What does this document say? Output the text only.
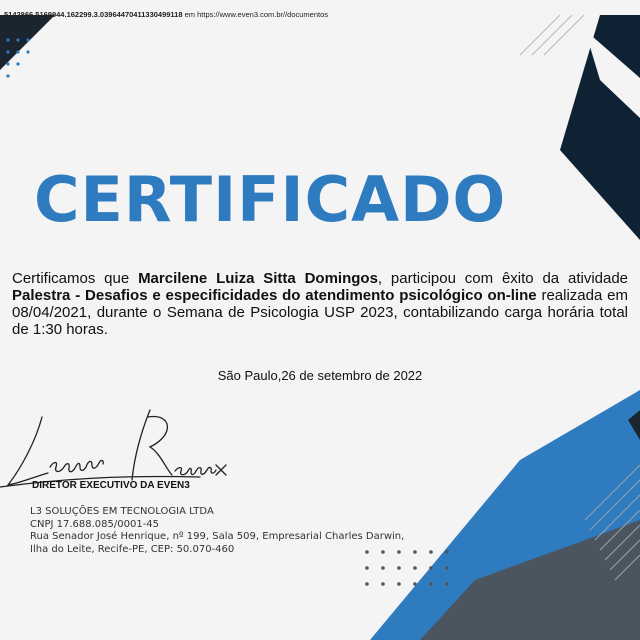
5142866.5169944.162299.3.03964470411330499118 em https://www.even3.com.br//documentos
CERTIFICADO
Certificamos que Marcilene Luiza Sitta Domingos, participou com êxito da atividade Palestra - Desafios e especificidades do atendimento psicológico on-line realizada em 08/04/2021, durante o Semana de Psicologia USP 2023, contabilizando carga horária total de 1:30 horas.
São Paulo,26 de setembro de 2022
DIRETOR EXECUTIVO DA EVEN3
L3 SOLUÇÕES EM TECNOLOGIA LTDA
CNPJ 17.688.085/0001-45
Rua Senador José Henrique, nº 199, Sala 509, Empresarial Charles Darwin,
Ilha do Leite, Recife-PE, CEP: 50.070-460
